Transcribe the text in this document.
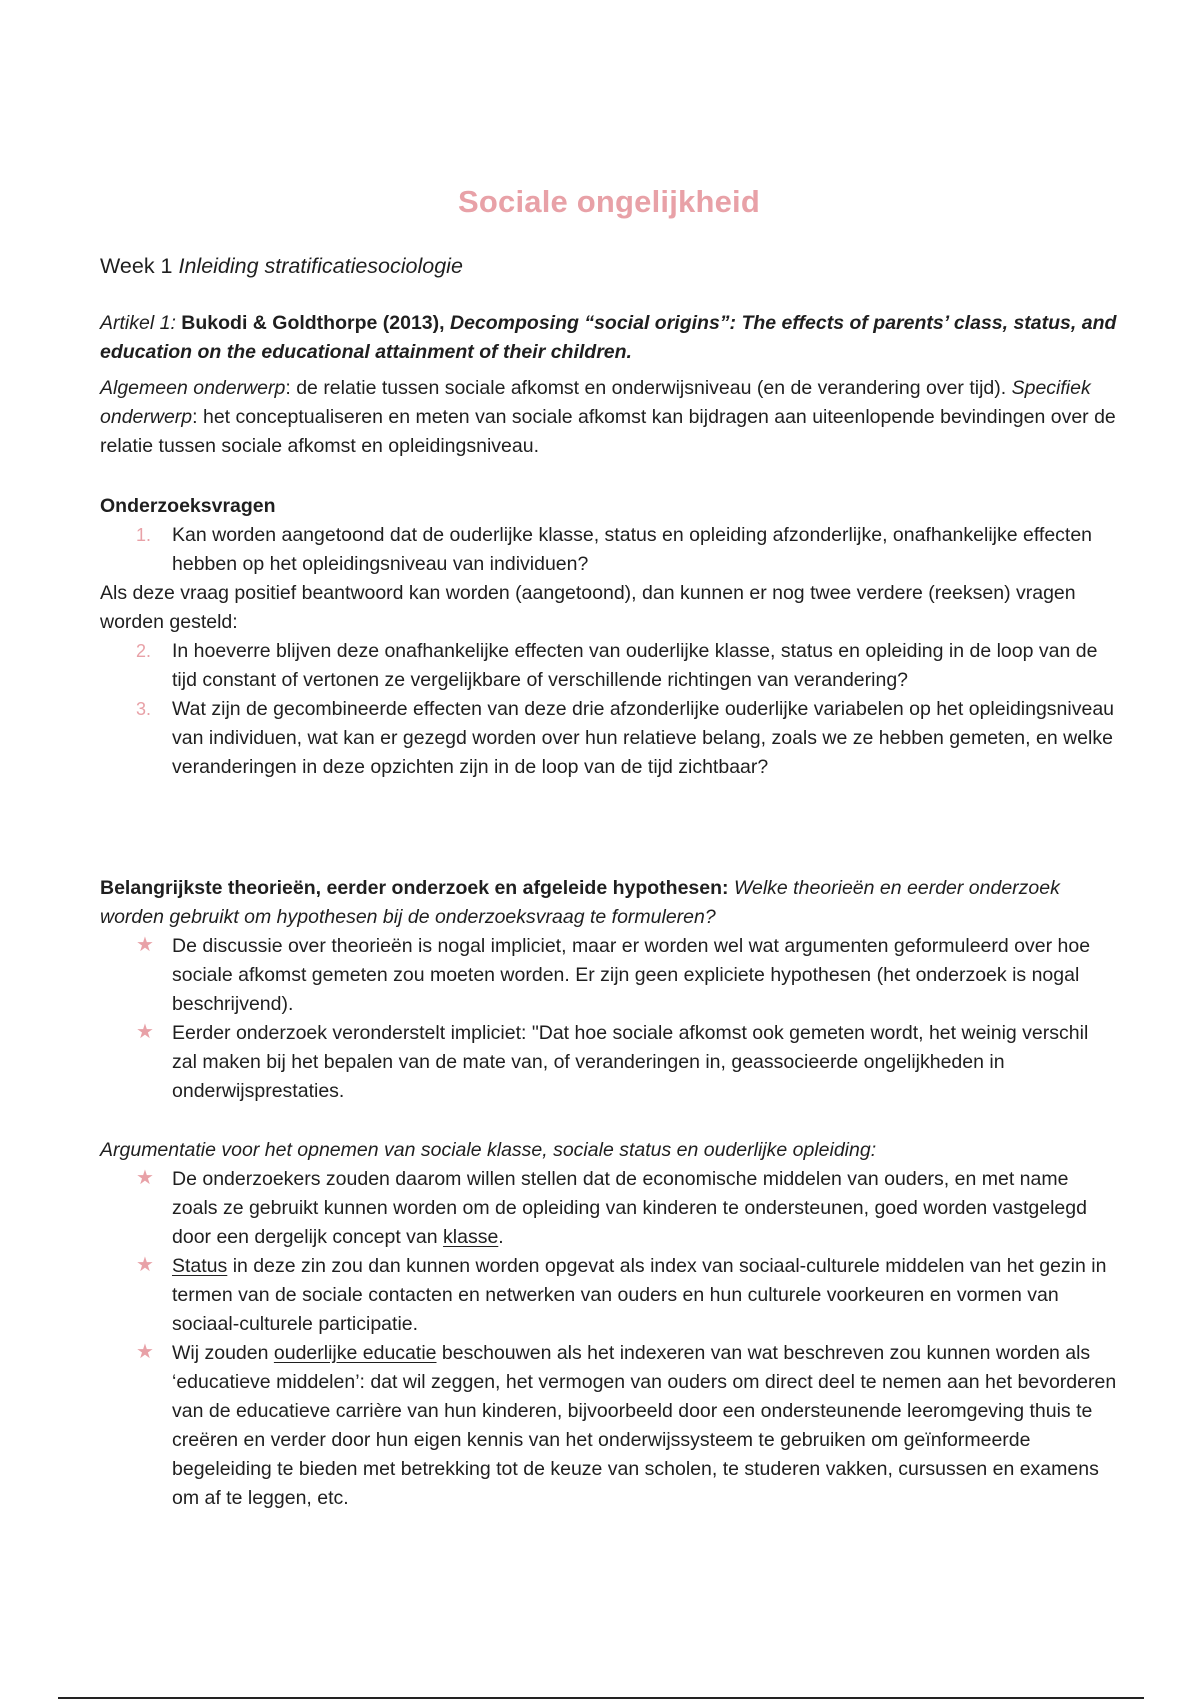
Sociale ongelijkheid
Week 1 Inleiding stratificatiesociologie

Artikel 1: Bukodi & Goldthorpe (2013), Decomposing “social origins”: The effects of parents’ class, status, and education on the educational attainment of their children.

Algemeen onderwerp: de relatie tussen sociale afkomst en onderwijsniveau (en de verandering over tijd). Specifiek onderwerp: het conceptualiseren en meten van sociale afkomst kan bijdragen aan uiteenlopende bevindingen over de relatie tussen sociale afkomst en opleidingsniveau.

Onderzoeksvragen

1. Kan worden aangetoond dat de ouderlijke klasse, status en opleiding afzonderlijke, onafhankelijke effecten hebben op het opleidingsniveau van individuen?

Als deze vraag positief beantwoord kan worden (aangetoond), dan kunnen er nog twee verdere (reeksen) vragen worden gesteld:

2. In hoeverre blijven deze onafhankelijke effecten van ouderlijke klasse, status en opleiding in de loop van de tijd constant of vertonen ze vergelijkbare of verschillende richtingen van verandering?
3. Wat zijn de gecombineerde effecten van deze drie afzonderlijke ouderlijke variabelen op het opleidingsniveau van individuen, wat kan er gezegd worden over hun relatieve belang, zoals we ze hebben gemeten, en welke veranderingen in deze opzichten zijn in de loop van de tijd zichtbaar?

Belangrijkste theorieën, eerder onderzoek en afgeleide hypothesen: Welke theorieën en eerder onderzoek worden gebruikt om hypothesen bij de onderzoeksvraag te formuleren?

★ De discussie over theorieën is nogal impliciet, maar er worden wel wat argumenten geformuleerd over hoe sociale afkomst gemeten zou moeten worden. Er zijn geen expliciete hypothesen (het onderzoek is nogal beschrijvend).
★ Eerder onderzoek veronderstelt impliciet: "Dat hoe sociale afkomst ook gemeten wordt, het weinig verschil zal maken bij het bepalen van de mate van, of veranderingen in, geassocieerde ongelijkheden in onderwijsprestaties.

Argumentatie voor het opnemen van sociale klasse, sociale status en ouderlijke opleiding:

★ De onderzoekers zouden daarom willen stellen dat de economische middelen van ouders, en met name zoals ze gebruikt kunnen worden om de opleiding van kinderen te ondersteunen, goed worden vastgelegd door een dergelijk concept van klasse.
★ Status in deze zin zou dan kunnen worden opgevat als index van sociaal-culturele middelen van het gezin in termen van de sociale contacten en netwerken van ouders en hun culturele voorkeuren en vormen van sociaal-culturele participatie.
★ Wij zouden ouderlijke educatie beschouwen als het indexeren van wat beschreven zou kunnen worden als ‘educatieve middelen’: dat wil zeggen, het vermogen van ouders om direct deel te nemen aan het bevorderen van de educatieve carrière van hun kinderen, bijvoorbeeld door een ondersteunende leeromgeving thuis te creëren en verder door hun eigen kennis van het onderwijssysteem te gebruiken om geïnformeerde begeleiding te bieden met betrekking tot de keuze van scholen, te studeren vakken, cursussen en examens om af te leggen, etc.
